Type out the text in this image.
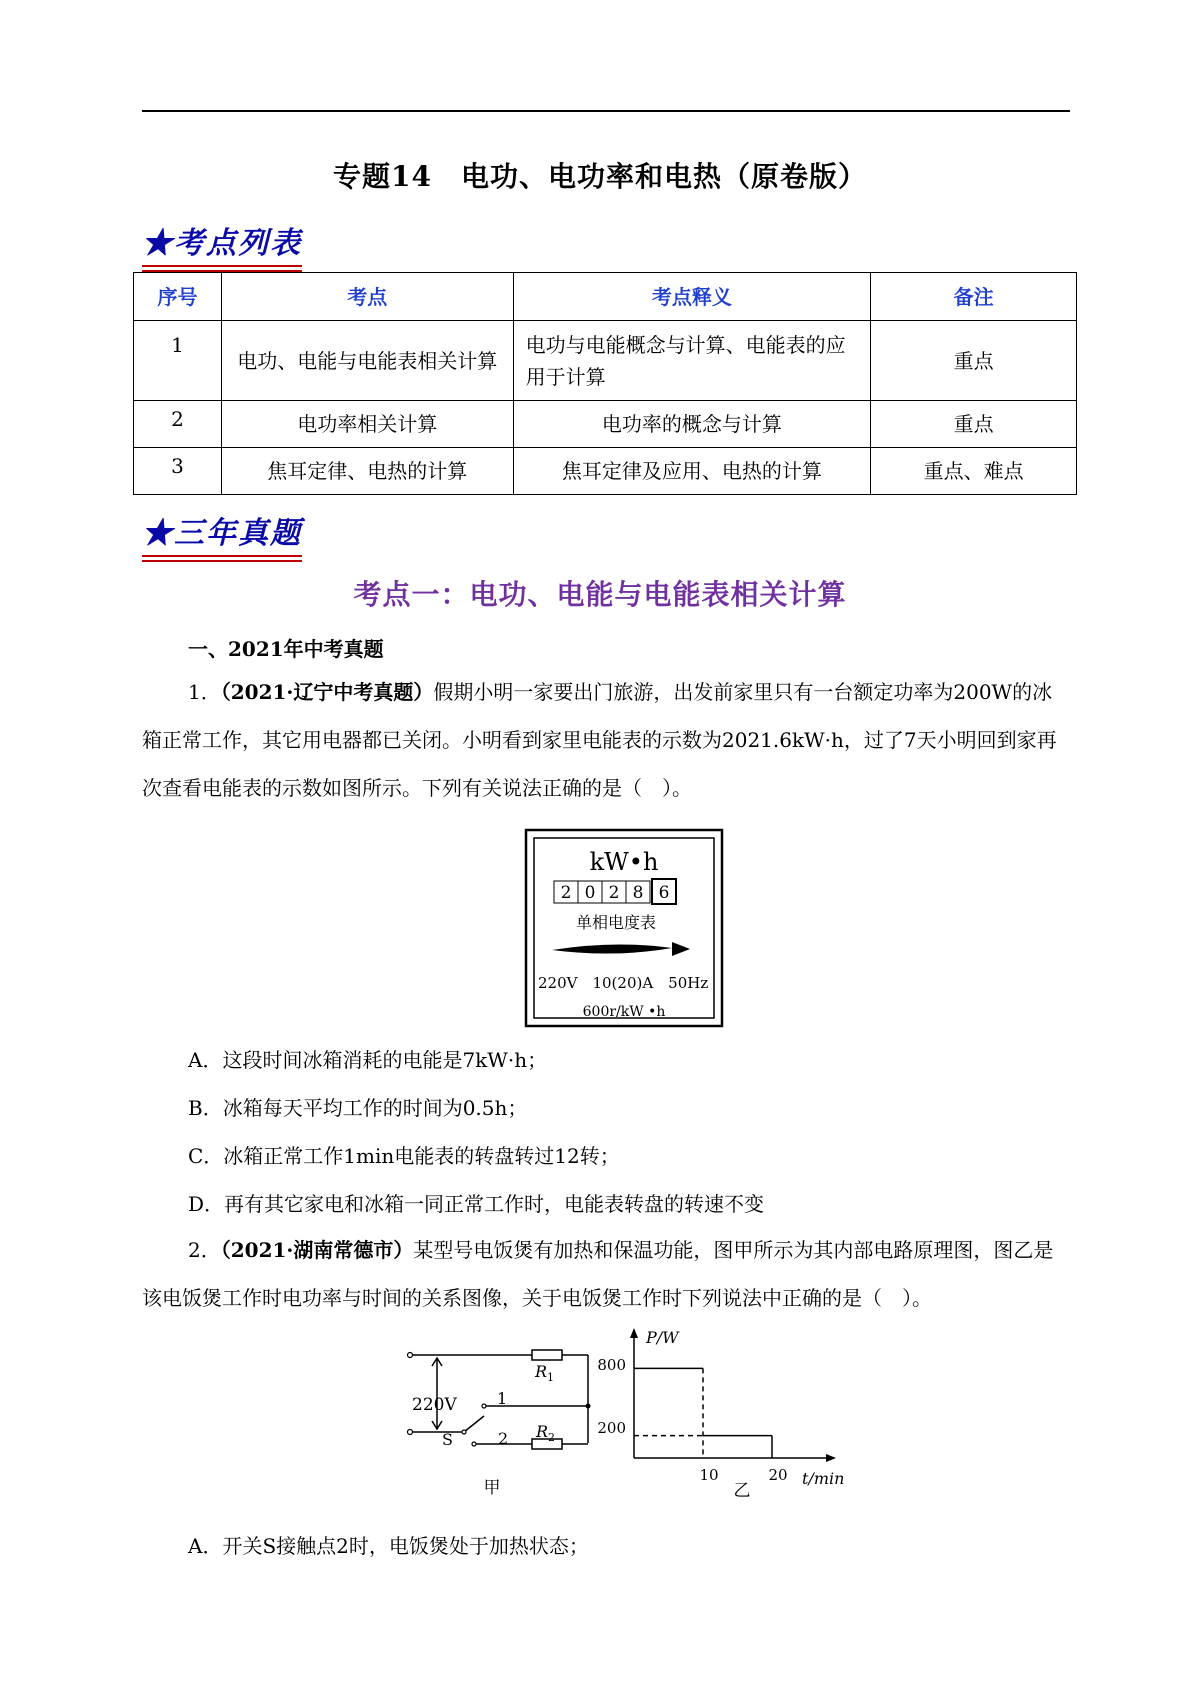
专题14　电功、电功率和电热（原卷版）
★考点列表
序号	考点	考点释义	备注
1	电功、电能与电能表相关计算	电功与电能概念与计算、电能表的应用于计算	重点
2	电功率相关计算	电功率的概念与计算	重点
3	焦耳定律、电热的计算	焦耳定律及应用、电热的计算	重点、难点
★三年真题
考点一：电功、电能与电能表相关计算
一、2021年中考真题
1．（2021·辽宁中考真题）假期小明一家要出门旅游，出发前家里只有一台额定功率为200W的冰箱正常工作，其它用电器都已关闭。小明看到家里电能表的示数为2021.6kW·h，过了7天小明回到家再次查看电能表的示数如图所示。下列有关说法正确的是（　）。
kW•h
2 0 2 8 6
单相电度表
220V　10(20)A　50Hz
600r/kW •h
A．这段时间冰箱消耗的电能是7kW·h；
B．冰箱每天平均工作的时间为0.5h；
C．冰箱正常工作1min电能表的转盘转过12转；
D．再有其它家电和冰箱一同正常工作时，电能表转盘的转速不变
2．（2021·湖南常德市）某型号电饭煲有加热和保温功能，图甲所示为其内部电路原理图，图乙是该电饭煲工作时电功率与时间的关系图像，关于电饭煲工作时下列说法中正确的是（　）。
220V
S
R 1
R 2
1
2
甲
P/W
t/min
800
200
10	20
乙
A．开关S接触点2时，电饭煲处于加热状态；
